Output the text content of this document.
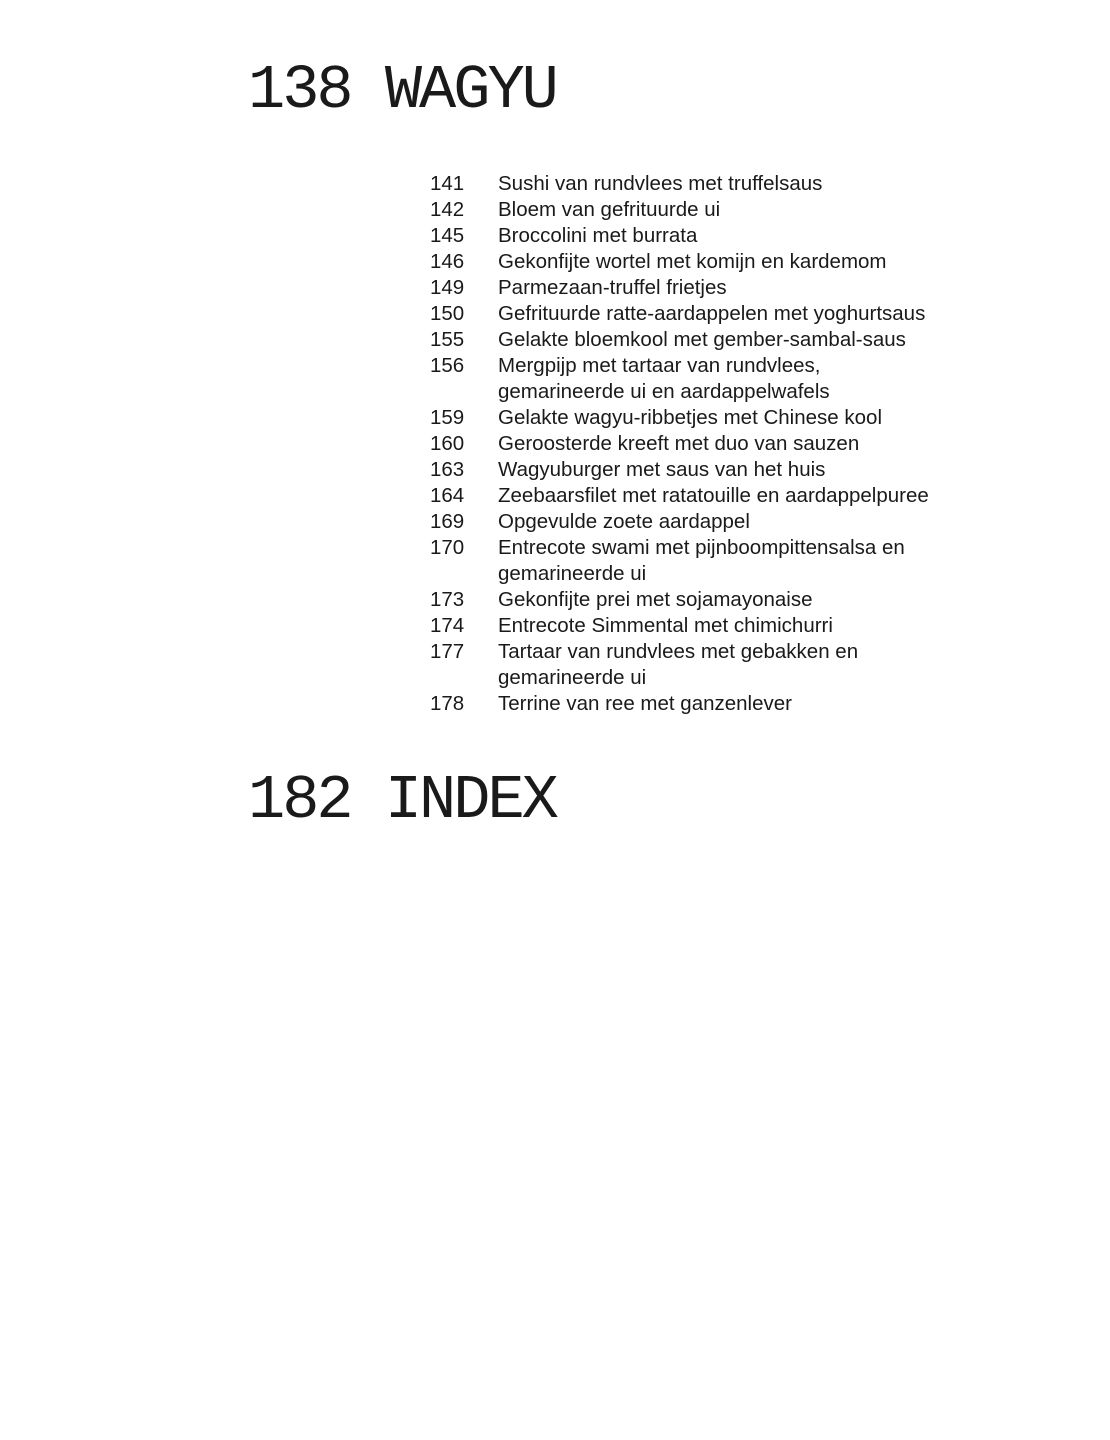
138 WAGYU
141	Sushi van rundvlees met truffelsaus
142	Bloem van gefrituurde ui
145	Broccolini met burrata
146	Gekonfijte wortel met komijn en kardemom
149	Parmezaan-truffel frietjes
150	Gefrituurde ratte-aardappelen met yoghurtsaus
155	Gelakte bloemkool met gember-sambal-saus
156	Mergpijp met tartaar van rundvlees,
gemarineerde ui en aardappelwafels
159	Gelakte wagyu-ribbetjes met Chinese kool
160	Geroosterde kreeft met duo van sauzen
163	Wagyuburger met saus van het huis
164	Zeebaarsfilet met ratatouille en aardappelpuree
169	Opgevulde zoete aardappel
170	Entrecote swami met pijnboompittensalsa en
gemarineerde ui
173	Gekonfijte prei met sojamayonaise
174	Entrecote Simmental met chimichurri
177	Tartaar van rundvlees met gebakken en
gemarineerde ui
178	Terrine van ree met ganzenlever
182 INDEX
